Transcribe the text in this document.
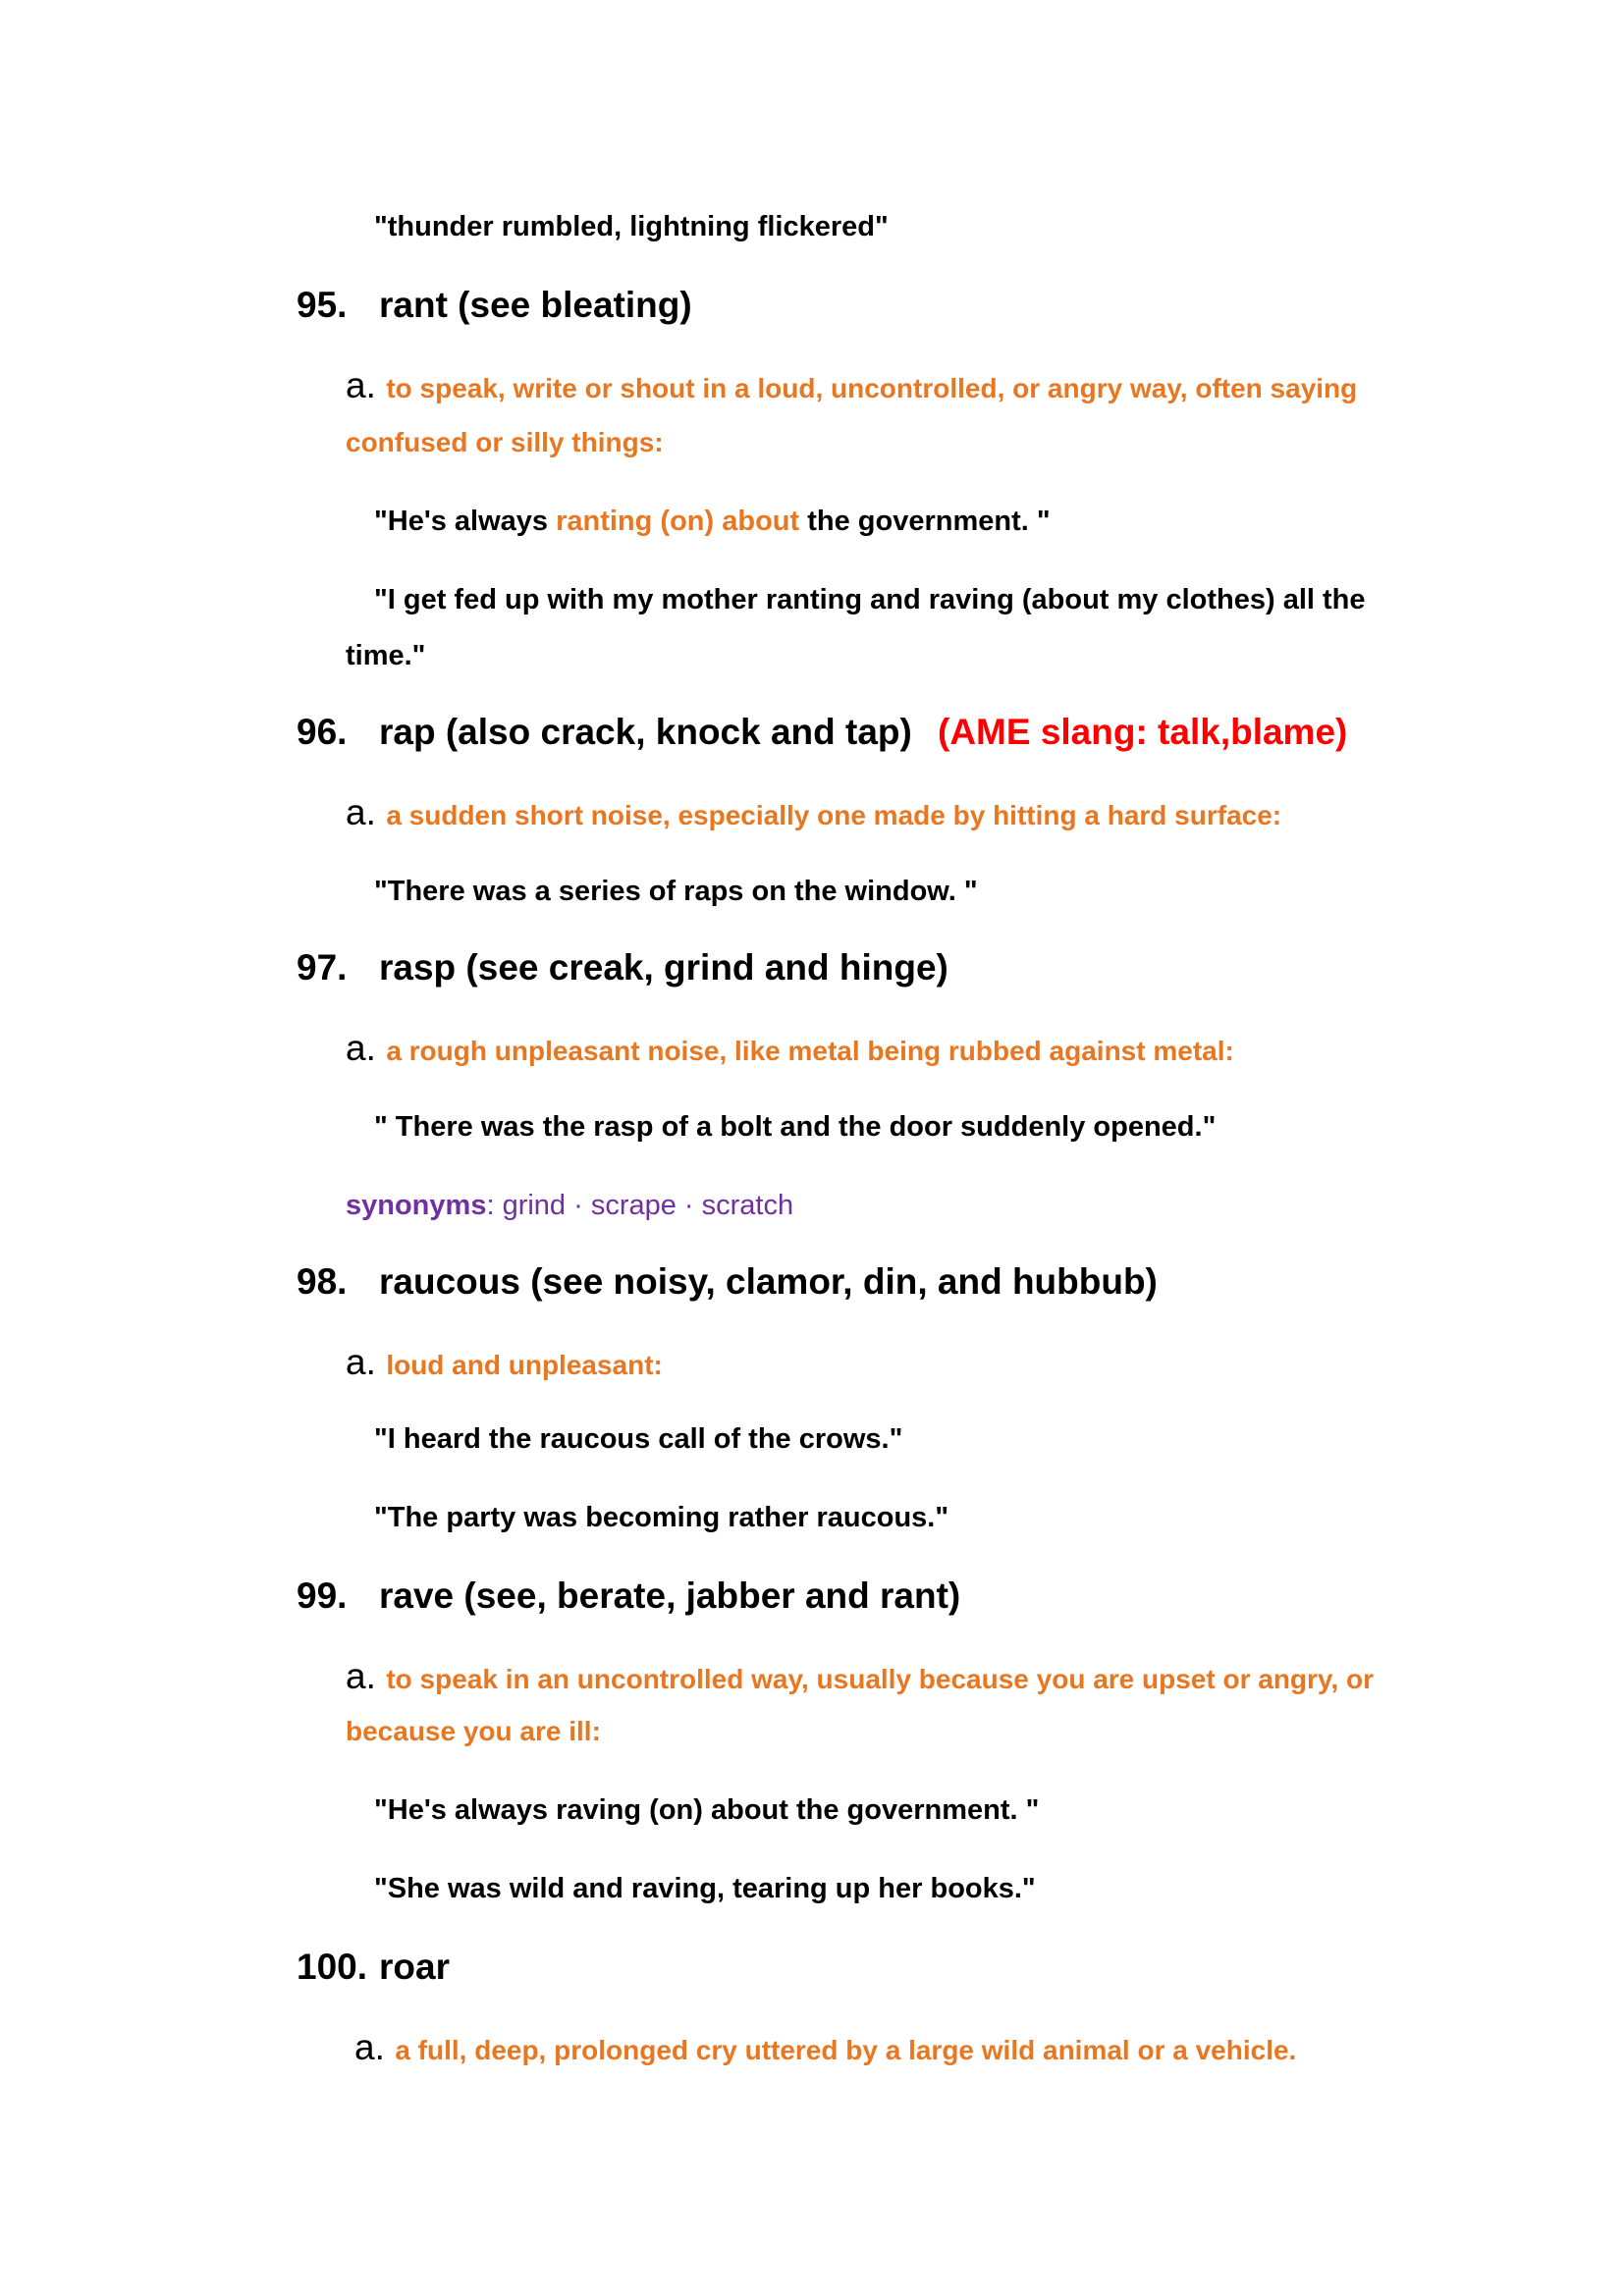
"thunder rumbled, lightning flickered"
95. rant (see bleating)
a. to speak, write or shout in a loud, uncontrolled, or angry way, often saying
confused or silly things:
"He's always ranting (on) about the government. "
"I get fed up with my mother ranting and raving (about my clothes) all the
time."
96. rap (also crack, knock and tap) (AME slang: talk,blame)
a. a sudden short noise, especially one made by hitting a hard surface:
"There was a series of raps on the window. "
97. rasp (see creak, grind and hinge)
a. a rough unpleasant noise, like metal being rubbed against metal:
" There was the rasp of a bolt and the door suddenly opened."
synonyms: grind · scrape · scratch
98. raucous (see noisy, clamor, din, and hubbub)
a. loud and unpleasant:
"I heard the raucous call of the crows."
"The party was becoming rather raucous."
99. rave (see, berate, jabber and rant)
a. to speak in an uncontrolled way, usually because you are upset or angry, or
because you are ill:
"He's always raving (on) about the government. "
"She was wild and raving, tearing up her books."
100. roar
a. a full, deep, prolonged cry uttered by a large wild animal or a vehicle.
